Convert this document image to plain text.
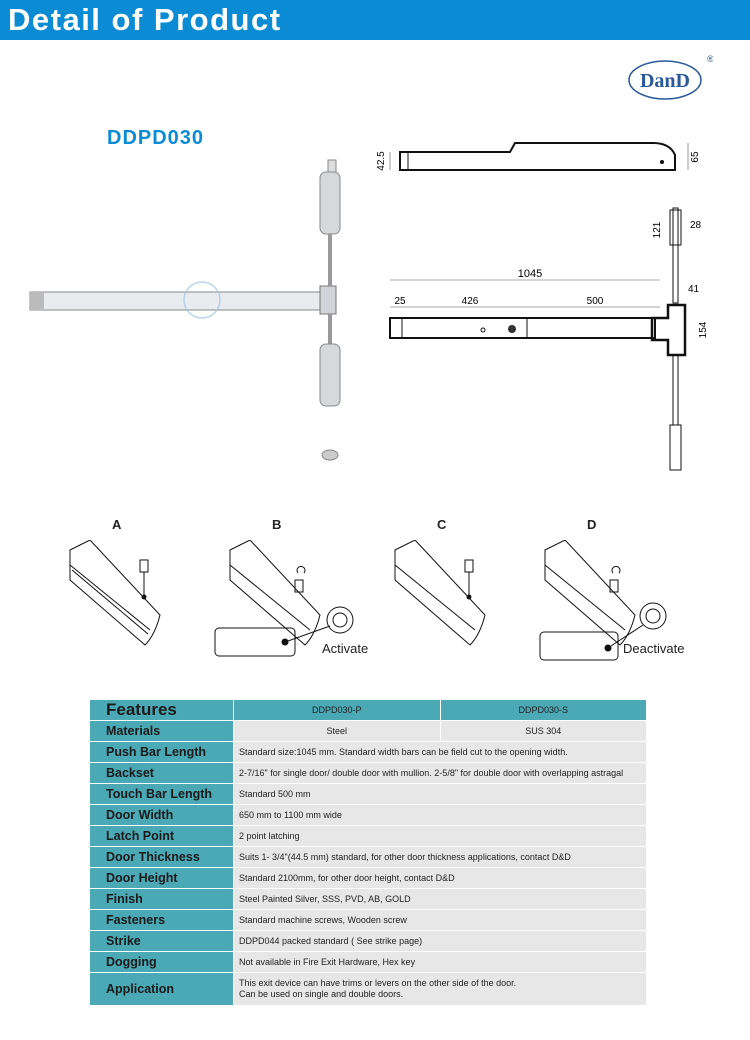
Detail of Product
DanD
®
DDPD030
42.5	65
1045
25	426	500
121	28
41
154
A	B	C	D
Activate	Deactivate
Features	DDPD030-P	DDPD030-S
Materials	Steel	SUS 304
Push Bar Length	Standard size:1045 mm. Standard width bars can be field cut to the opening width.
Backset	2-7/16" for single door/ double door with mullion. 2-5/8" for double door with overlapping astragal
Touch Bar Length	Standard 500 mm
Door Width	650 mm to 1100 mm wide
Latch Point	2 point latching
Door Thickness	Suits 1- 3/4"(44.5 mm) standard, for other door thickness applications, contact D&D
Door Height	Standard 2100mm, for other door height, contact D&D
Finish	Steel Painted Silver, SSS, PVD, AB, GOLD
Fasteners	Standard machine screws, Wooden screw
Strike	DDPD044 packed standard ( See strike page)
Dogging	Not available in Fire Exit Hardware, Hex key
Application	This exit device can have trims or levers on the other side of the door.
Can be used on single and double doors.
